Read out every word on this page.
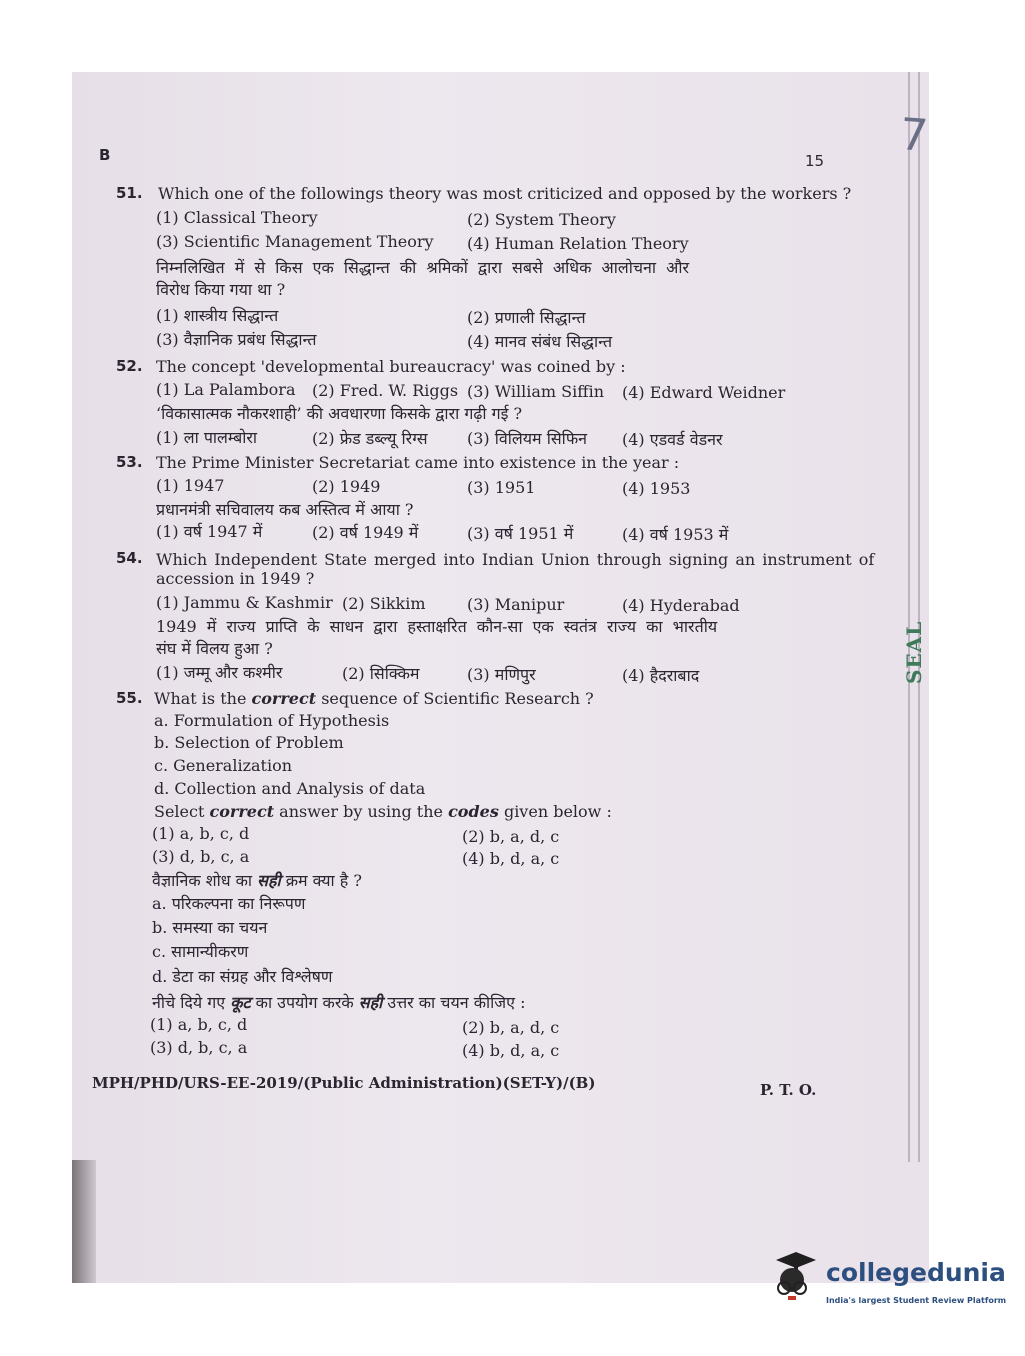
B	15 7
SEAL
51. Which one of the followings theory was most criticized and opposed by the workers ?
(1) Classical Theory	(2) System Theory
(3) Scientific Management Theory (4) Human Relation Theory
निम्नलिखित में से किस एक सिद्धान्त की श्रमिकों द्वारा सबसे अधिक आलोचना और
विरोध किया गया था ?
(1) शास्त्रीय सिद्धान्त	(2) प्रणाली सिद्धान्त
(3) वैज्ञानिक प्रबंध सिद्धान्त	(4) मानव संबंध सिद्धान्त
52. The concept 'developmental bureaucracy' was coined by :
(1) La Palambora (2) Fred. W. Riggs (3) William Siffin (4) Edward Weidner
‘विकासात्मक नौकरशाही’ की अवधारणा किसके द्वारा गढ़ी गई ?
(1) ला पालम्बोरा	(2) फ्रेड डब्ल्यू रिग्स (3) विलियम सिफिन (4) एडवर्ड वेडनर
53. The Prime Minister Secretariat came into existence in the year :
(1) 1947	(2) 1949	(3) 1951	(4) 1953
प्रधानमंत्री सचिवालय कब अस्तित्व में आया ?
(1) वर्ष 1947 में	(2) वर्ष 1949 में	(3) वर्ष 1951 में	(4) वर्ष 1953 में
54. Which Independent State merged into Indian Union through signing an instrument of
accession in 1949 ?
(1) Jammu & Kashmir (2) Sikkim	(3) Manipur	(4) Hyderabad
1949 में राज्य प्राप्ति के साधन द्वारा हस्ताक्षरित कौन-सा एक स्वतंत्र राज्य का भारतीय
संघ में विलय हुआ ?
(1) जम्मू और कश्मीर	(2) सिक्किम	(3) मणिपुर	(4) हैदराबाद
55. What is the correct sequence of Scientific Research ?
a. Formulation of Hypothesis
b. Selection of Problem
c. Generalization
d. Collection and Analysis of data
Select correct answer by using the codes given below :
(1) a, b, c, d	(2) b, a, d, c
(3) d, b, c, a	(4) b, d, a, c
वैज्ञानिक शोध का सही क्रम क्या है ?
a. परिकल्पना का निरूपण
b. समस्या का चयन
c. सामान्यीकरण
d. डेटा का संग्रह और विश्लेषण
नीचे दिये गए कूट का उपयोग करके सही उत्तर का चयन कीजिए :
(1) a, b, c, d	(2) b, a, d, c
(3) d, b, c, a	(4) b, d, a, c
MPH/PHD/URS-EE-2019/(Public Administration)(SET-Y)/(B)	P. T. O.
collegedunia
India's largest Student Review Platform
